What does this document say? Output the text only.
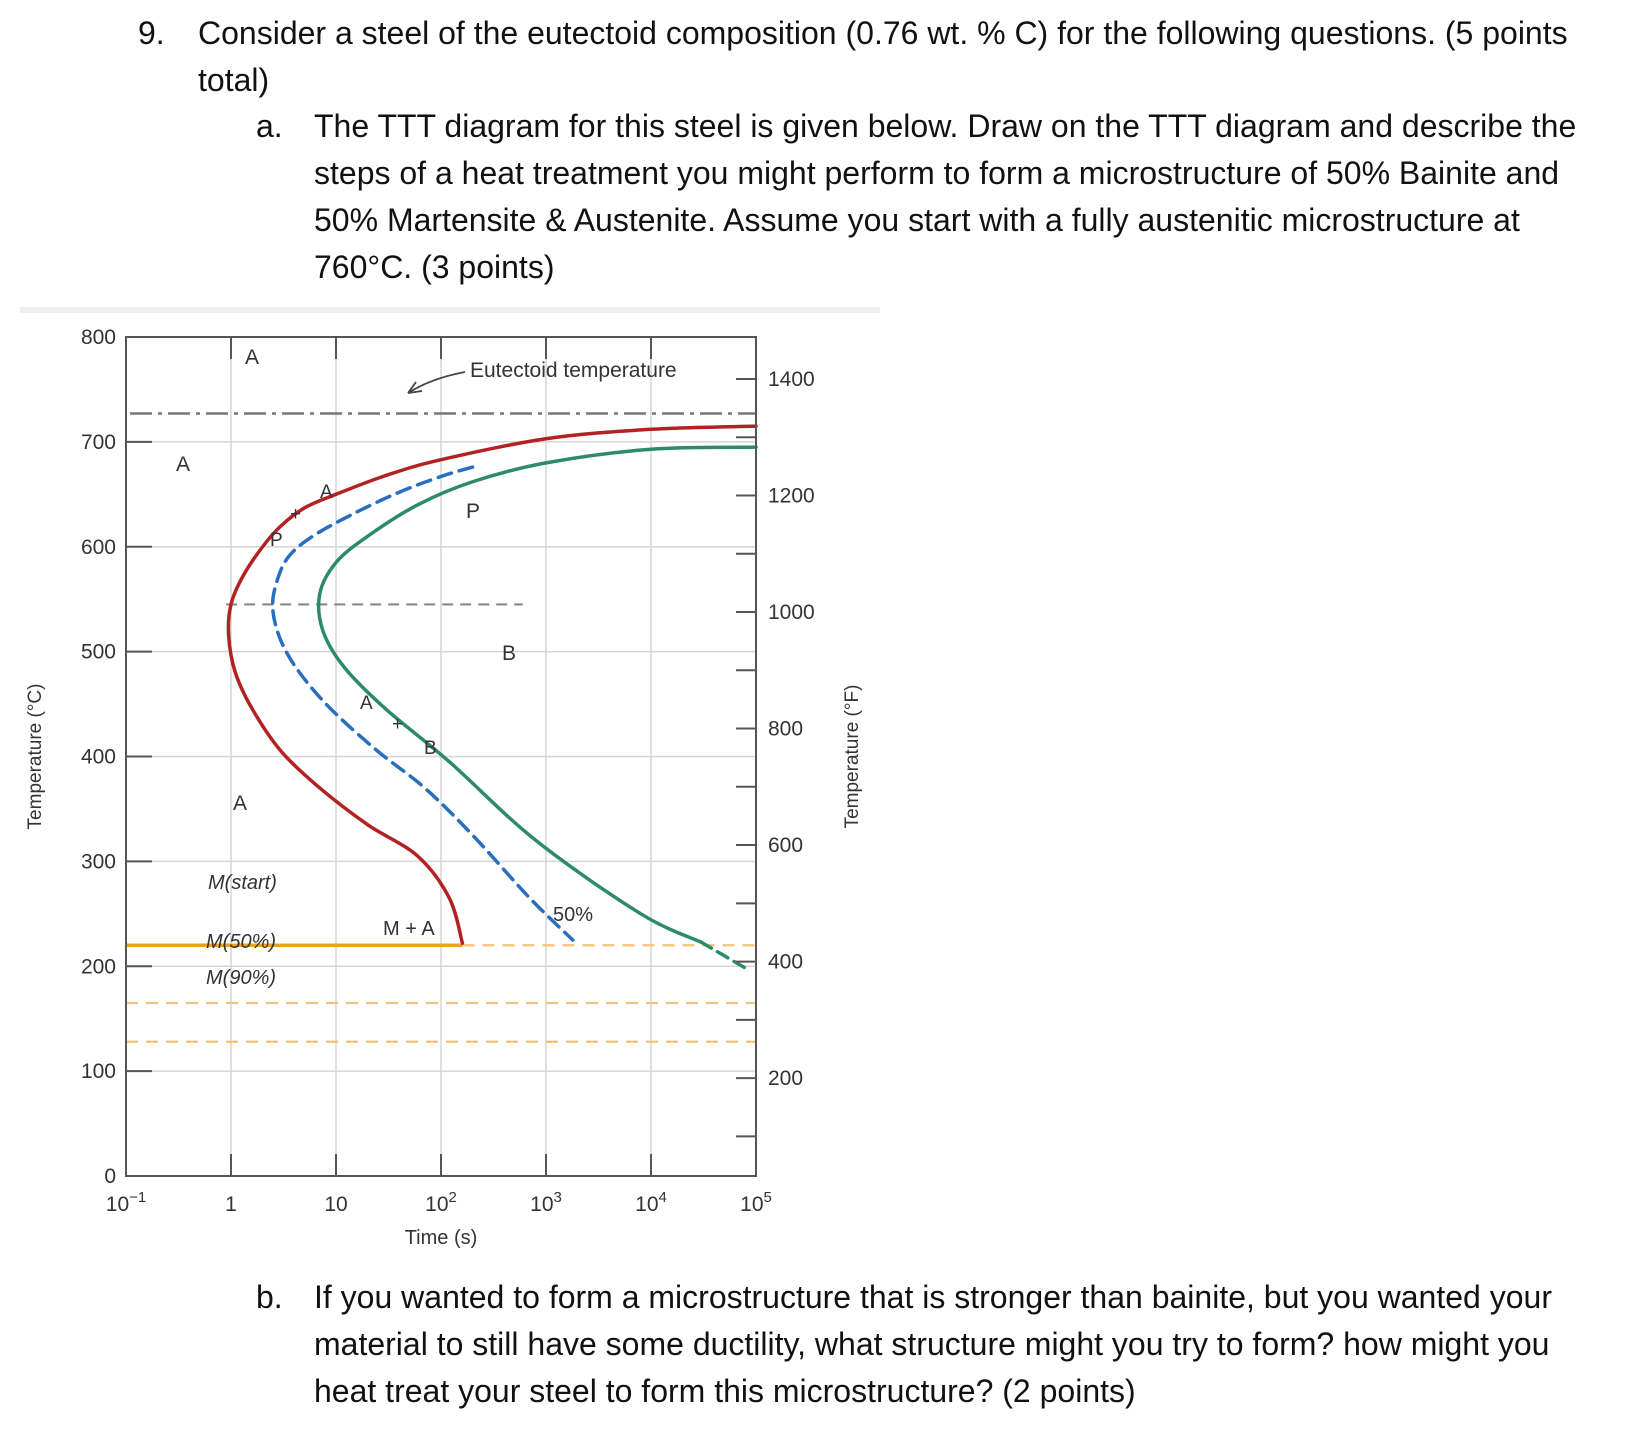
9. Consider a steel of the eutectoid composition (0.76 wt. % C) for the following questions. (5 points total)
a. The TTT diagram for this steel is given below. Draw on the TTT diagram and describe the steps of a heat treatment you might perform to form a microstructure of 50% Bainite and 50% Martensite & Austenite. Assume you start with a fully austenitic microstructure at 760°C. (3 points)
0
100
200
300
400
500
600
700
800
$10^{-1}$	1	10	$10^2$	$10^3$	$10^4$	$10^5$
200
400
600
800
1000
1200
1400
Time (s)
Temperature (°C)	Temperature (°F)
Eutectoid temperature
A
A
A
P
B
A
+
P
A
+
B
M(start)
M(50%)
M(90%)
M + A
50%
b. If you wanted to form a microstructure that is stronger than bainite, but you wanted your material to still have some ductility, what structure might you try to form? how might you heat treat your steel to form this microstructure? (2 points)
